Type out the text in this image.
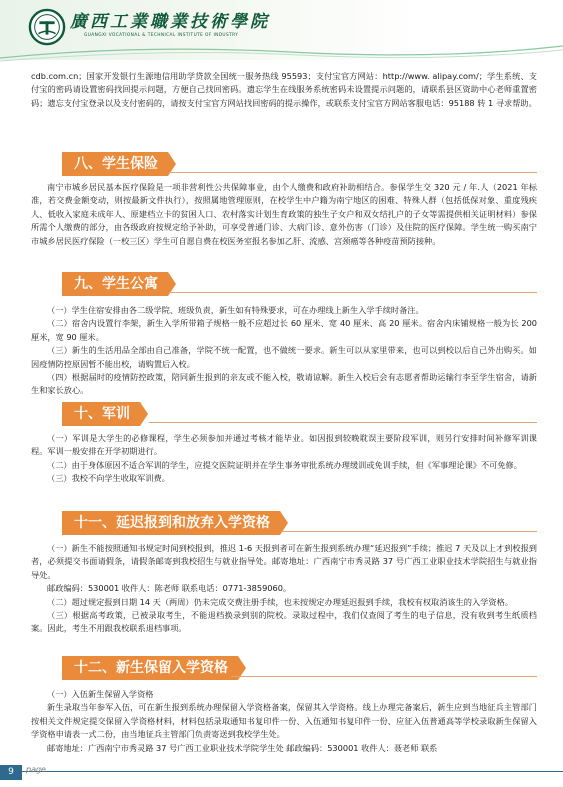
廣西工業職業技術學院
GUANGXI VOCATIONAL & TECHNICAL INSTITUTE OF INDUSTRY

cdb.com.cn；国家开发银行生源地信用助学贷款全国统一服务热线 95593；支付宝官方网站：http://www. alipay.com/；学生系统、支付宝的密码请设置密码找回提示问题，方便自己找回密码。遗忘学生在线服务系统密码未设置提示问题的，请联系县区资助中心老师重置密码；遗忘支付宝登录以及支付密码的，请按支付宝官方网站找回密码的提示操作，或联系支付宝官方网站客服电话：95188 转 1 寻求帮助。

八、学生保险

南宁市城乡居民基本医疗保险是一项非营利性公共保障事业，由个人缴费和政府补助相结合。参保学生交 320 元 / 年.人（2021 年标准，若交费金额变动，则按最新文件执行），按照属地管理原则，在校学生中户籍为南宁地区的困难、特殊人群（包括低保对象、重度残疾人、低收入家庭未成年人、原建档立卡的贫困人口、农村落实计划生育政策的独生子女户和双女结扎户的子女等需提供相关证明材料）参保所需个人缴费的部分，由各级政府按规定给予补助，可享受普通门诊、大病门诊、意外伤害（门诊）及住院的医疗保障。学生统一购买南宁市城乡居民医疗保险（一校三区）学生可自愿自费在校医务室报名参加乙肝、流感、宫颈癌等各种疫苗预防接种。

九、学生公寓

（一）学生住宿安排由各二级学院、班级负责，新生如有特殊要求，可在办理线上新生入学手续时备注。

（二）宿舍内设置行李架，新生入学所带箱子规格一般不应超过长 60 厘米、宽 40 厘米、高 20 厘米。宿舍内床铺规格一般为长 200 厘米，宽 90 厘米。

（三）新生的生活用品全部由自己准备，学院不统一配置，也不做统一要求。新生可以从家里带来，也可以到校以后自己外出购买。如因疫情防控原因暂不能出校，请购置后入校。

（四）根据届时的疫情防控政策，陪同新生报到的亲友或不能入校，敬请谅解。新生入校后会有志愿者帮助运输行李至学生宿舍，请新生和家长放心。

十、军训

（一）军训是大学生的必修课程，学生必须参加并通过考核才能毕业。如因报到较晚耽误主要阶段军训，则另行安排时间补修军训课程。军训一般安排在开学初期进行。

（二）由于身体原因不适合军训的学生，应提交医院证明并在学生事务审批系统办理缓训或免训手续，但《军事理论课》不可免修。

（三）我校不向学生收取军训费。

十一、延迟报到和放弃入学资格

（一）新生不能按照通知书规定时间到校报到，推迟 1-6 天报到者可在新生报到系统办理“延迟报到”手续；推迟 7 天及以上才到校报到者，必须提交书面请假条，请假条邮寄到我校招生与就业指导处。邮寄地址：广西南宁市秀灵路 37 号广西工业职业技术学院招生与就业指导处。

邮政编码：530001 收件人：陈老师 联系电话：0771-3859060。

（二）超过规定报到日期 14 天（两周）仍未完成交费注册手续，也未按规定办理延迟报到手续，我校有权取消该生的入学资格。

（三）根据高考政策，已被录取考生，不能退档换录到别的院校。录取过程中，我们仅查阅了考生的电子信息，没有收到考生纸质档案。因此，考生不用跟我校联系退档事项。

十二、新生保留入学资格

（一）入伍新生保留入学资格

新生录取当年参军入伍，可在新生报到系统办理保留入学资格备案，保留其入学资格。线上办理完备案后，新生应到当地征兵主管部门按相关文件规定提交保留入学资格材料，材料包括录取通知书复印件一份、入伍通知书复印件一份、应征入伍普通高等学校录取新生保留入学资格申请表一式二份，由当地征兵主管部门负责寄送到我校学生处。

邮寄地址：广西南宁市秀灵路 37 号广西工业职业技术学院学生处 邮政编码：530001 收件人：聂老师 联系

9	page
